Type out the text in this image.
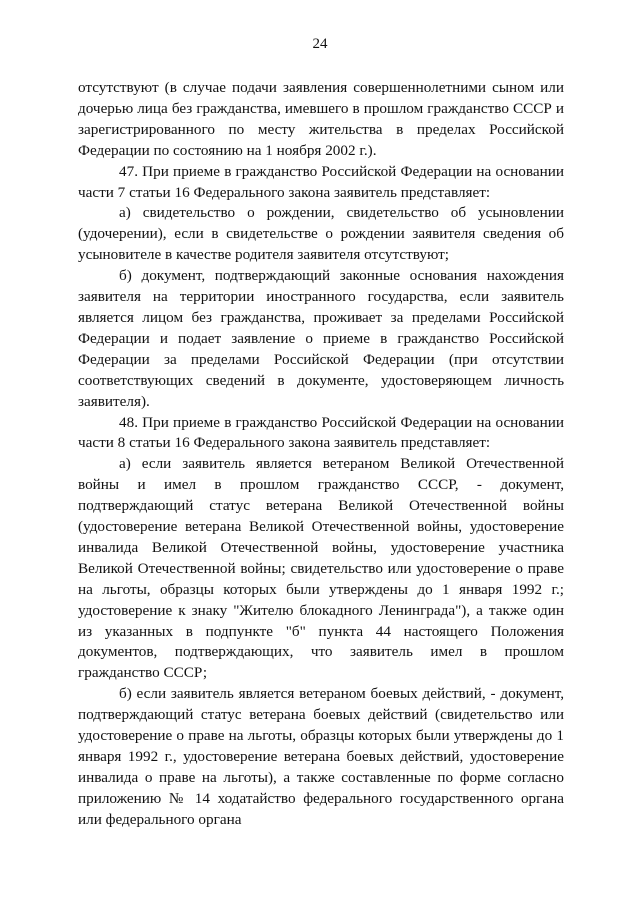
24

отсутствуют (в случае подачи заявления совершеннолетними сыном или дочерью лица без гражданства, имевшего в прошлом гражданство СССР и зарегистрированного по месту жительства в пределах Российской Федерации по состоянию на 1 ноября 2002 г.).

47. При приеме в гражданство Российской Федерации на основании части 7 статьи 16 Федерального закона заявитель представляет:

а) свидетельство о рождении, свидетельство об усыновлении (удочерении), если в свидетельстве о рождении заявителя сведения об усыновителе в качестве родителя заявителя отсутствуют;

б) документ, подтверждающий законные основания нахождения заявителя на территории иностранного государства, если заявитель является лицом без гражданства, проживает за пределами Российской Федерации и подает заявление о приеме в гражданство Российской Федерации за пределами Российской Федерации (при отсутствии соответствующих сведений в документе, удостоверяющем личность заявителя).

48. При приеме в гражданство Российской Федерации на основании части 8 статьи 16 Федерального закона заявитель представляет:

а) если заявитель является ветераном Великой Отечественной войны и имел в прошлом гражданство СССР, - документ, подтверждающий статус ветерана Великой Отечественной войны (удостоверение ветерана Великой Отечественной войны, удостоверение инвалида Великой Отечественной войны, удостоверение участника Великой Отечественной войны; свидетельство или удостоверение о праве на льготы, образцы которых были утверждены до 1 января 1992 г.; удостоверение к знаку "Жителю блокадного Ленинграда"), а также один из указанных в подпункте "б" пункта 44 настоящего Положения документов, подтверждающих, что заявитель имел в прошлом гражданство СССР;

б) если заявитель является ветераном боевых действий, - документ, подтверждающий статус ветерана боевых действий (свидетельство или удостоверение о праве на льготы, образцы которых были утверждены до 1 января 1992 г., удостоверение ветерана боевых действий, удостоверение инвалида о праве на льготы), а также составленные по форме согласно приложению № 14 ходатайство федерального государственного органа или федерального органа
